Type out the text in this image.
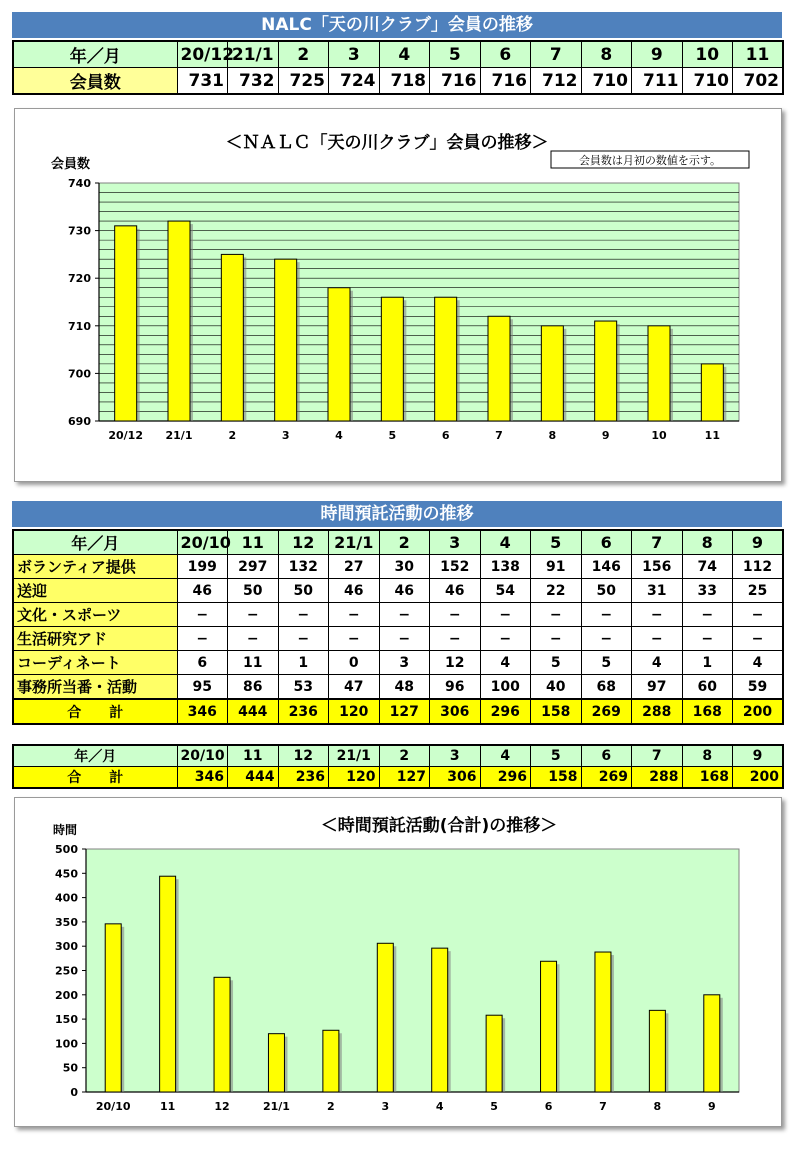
NALC「天の川クラブ」会員の推移
年／月	20/12	21/1	2	3	4	5	6	7	8	9	10	11
会員数	731	732	725	724	718	716	716	712	710	711	710	702
＜ＮＡＬＣ「天の川クラブ」会員の推移＞
会員数	会員数は月初の数値を示す。
690
700
710
720
730
740
20/12 21/1	2	3	4	5	6	7	8	9	10	11
時間預託活動の推移
年／月	20/10	11	12	21/1	2	3	4	5	6	7	8	9
ボランティア提供	199	297	132	27	30	152	138	91	146	156	74	112
送迎	46	50	50	46	46	46	54	22	50	31	33	25
文化・スポーツ	−	−	−	−	−	−	−	−	−	−	−	−
生活研究アド	−	−	−	−	−	−	−	−	−	−	−	−
コーディネート	6	11	1	0	3	12	4	5	5	4	1	4
事務所当番・活動	95	86	53	47	48	96	100	40	68	97	60	59
合　　計	346	444	236	120	127	306	296	158	269	288	168	200
年／月	20/10	11	12	21/1	2	3	4	5	6	7	8	9
合　　計	346	444	236	120	127	306	296	158	269	288	168	200
＜時間預託活動(合計)の推移＞
時間
0
50
100
150
200
250
300
350
400
450
500
20/10	11	12	21/1	2	3	4	5	6	7	8	9
